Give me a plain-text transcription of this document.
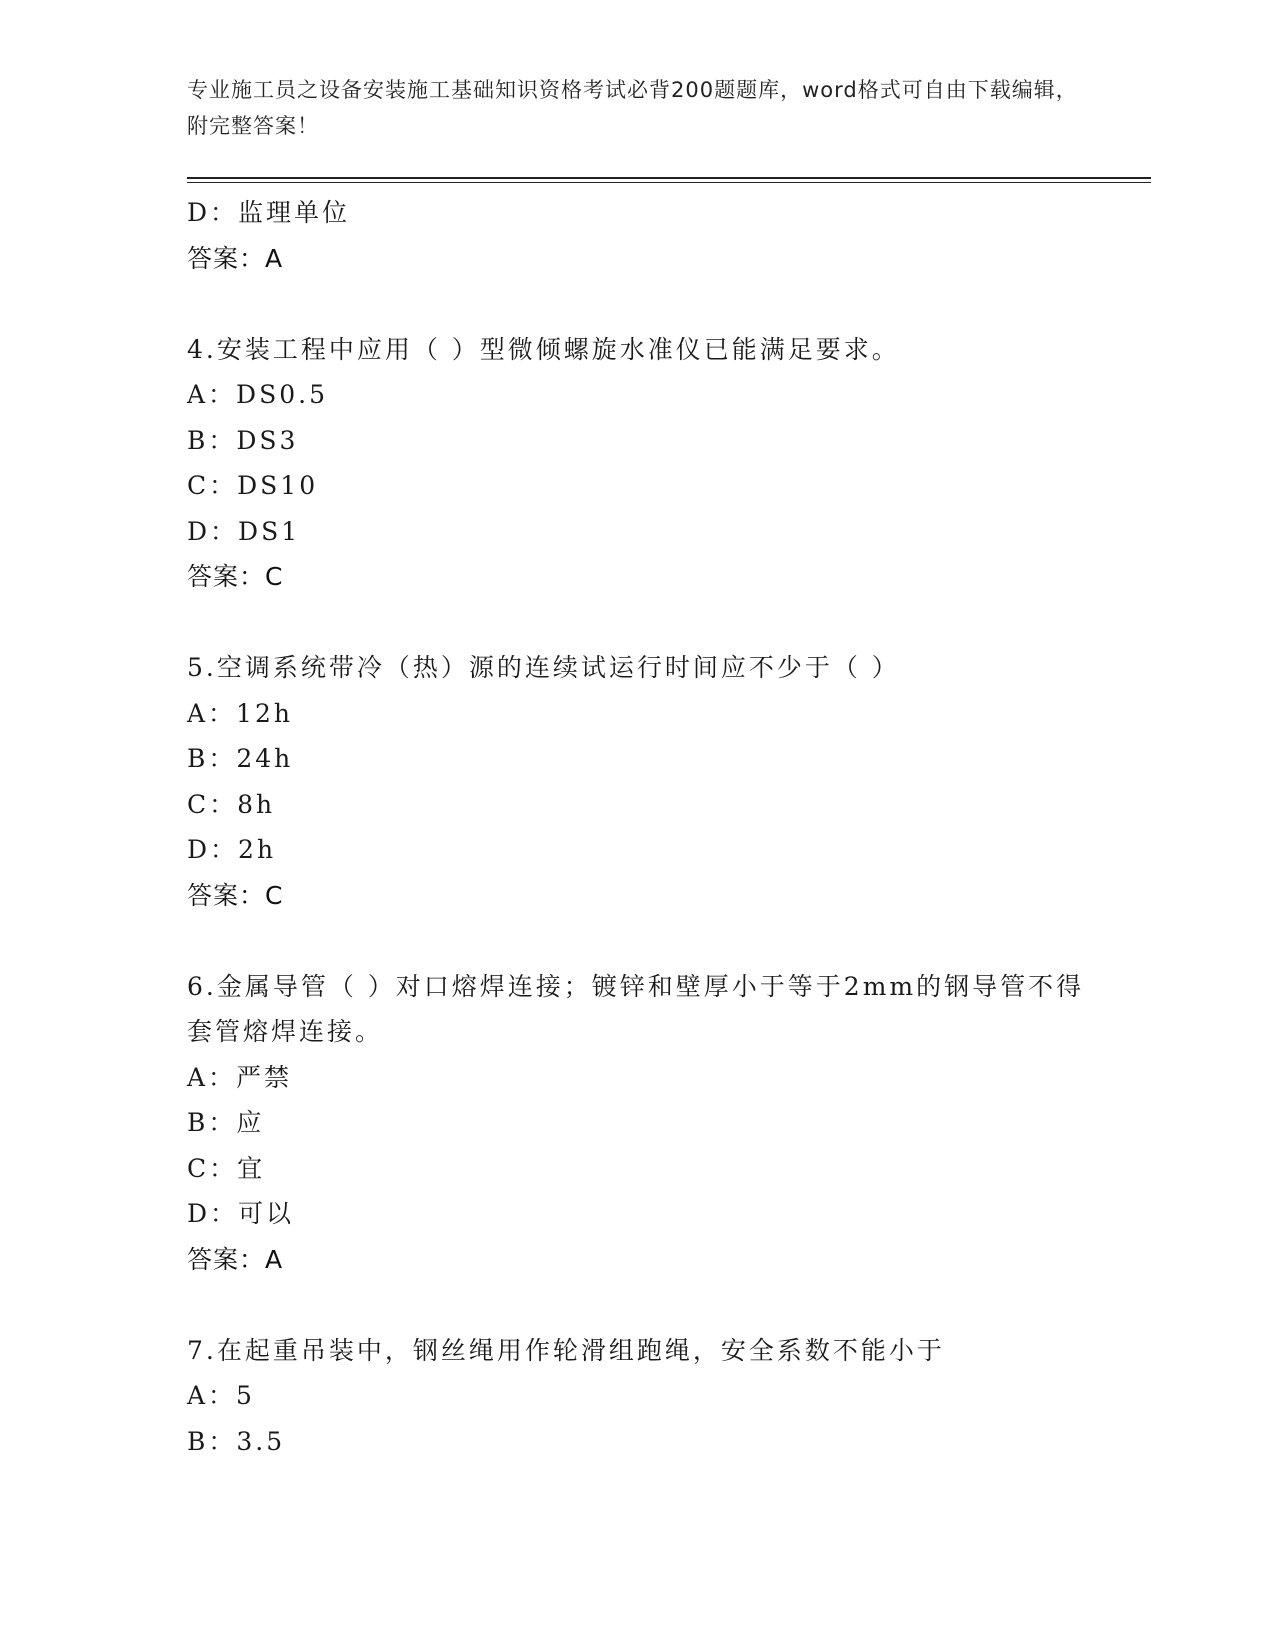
专业施工员之设备安装施工基础知识资格考试必背200题题库，word格式可自由下载编辑，附完整答案！
D：监理单位
答案：A
4.安装工程中应用（ ）型微倾螺旋水准仪已能满足要求。
A：DS0.5
B：DS3
C：DS10
D：DS1
答案：C
5.空调系统带冷（热）源的连续试运行时间应不少于（ ）
A：12h
B：24h
C：8h
D：2h
答案：C
6.金属导管（ ）对口熔焊连接；镀锌和壁厚小于等于2mm的钢导管不得套管熔焊连接。
A：严禁
B：应
C：宜
D：可以
答案：A
7.在起重吊装中，钢丝绳用作轮滑组跑绳，安全系数不能小于
A：5
B：3.5
